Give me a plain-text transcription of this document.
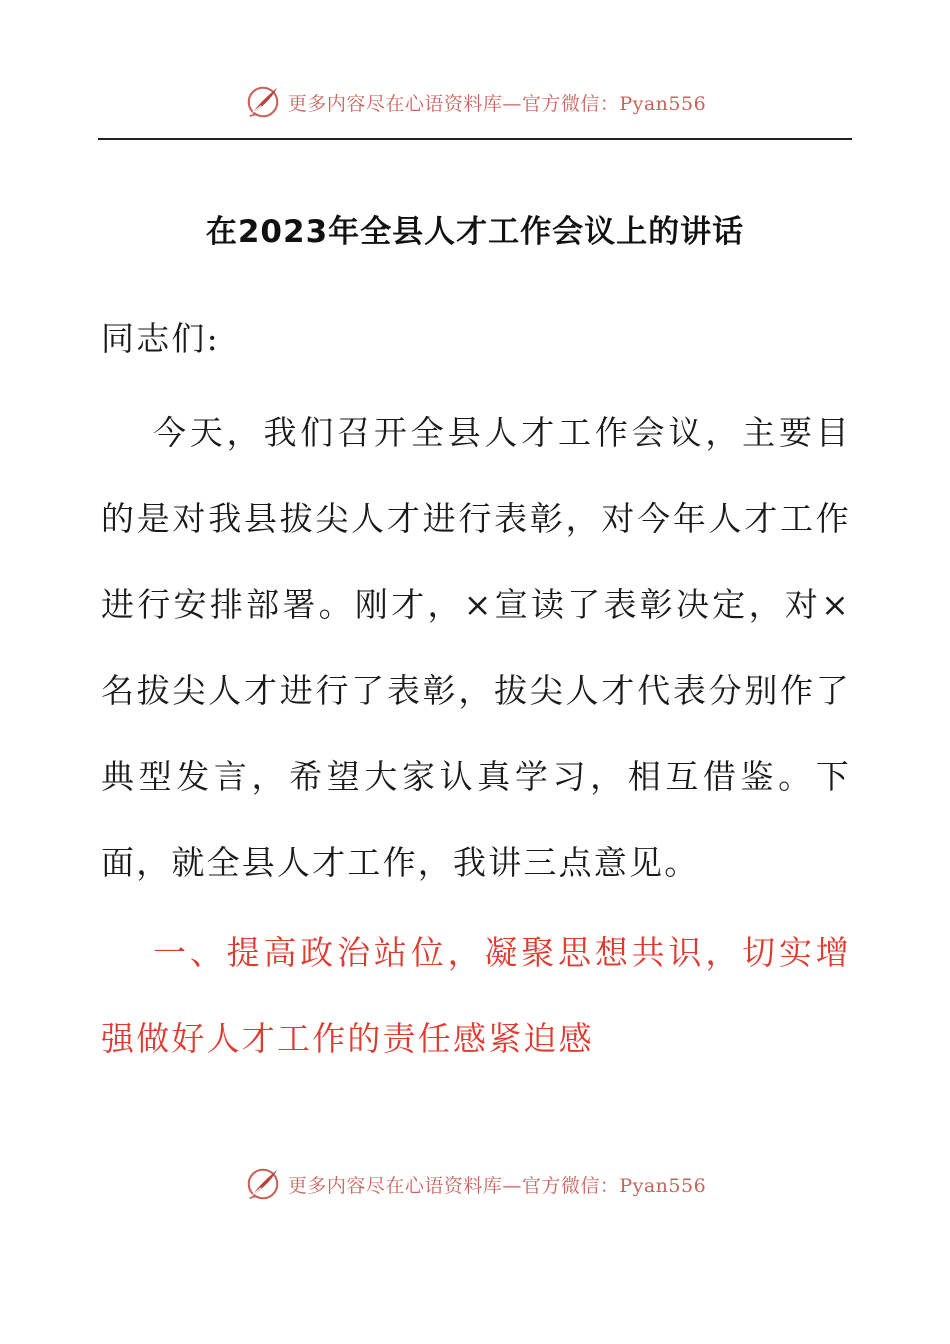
更多内容尽在心语资料库—官方微信：Pyan556
在2023年全县人才工作会议上的讲话

同志们:

今天，我们召开全县人才工作会议，主要目的是对我县拔尖人才进行表彰，对今年人才工作进行安排部署。刚才，×宣读了表彰决定，对×名拔尖人才进行了表彰，拔尖人才代表分别作了典型发言，希望大家认真学习，相互借鉴。下面，就全县人才工作，我讲三点意见。

一、提高政治站位，凝聚思想共识，切实增强做好人才工作的责任感紧迫感

更多内容尽在心语资料库—官方微信：Pyan556
